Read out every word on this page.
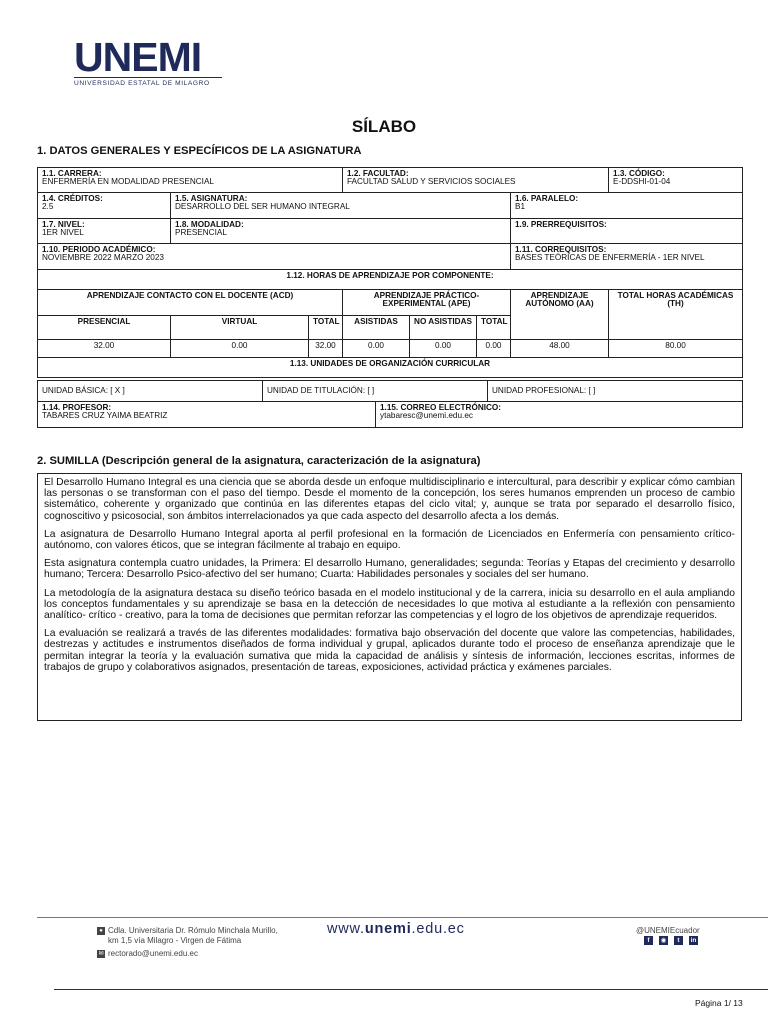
UNEMI
UNIVERSIDAD ESTATAL DE MILAGRO
SÍLABO
1. DATOS GENERALES Y ESPECÍFICOS DE LA ASIGNATURA
1.1. CARRERA:
ENFERMERÍA EN MODALIDAD PRESENCIAL			1.2. FACULTAD:
FACULTAD SALUD Y SERVICIOS SOCIALES				1.3. CÓDIGO:
E-DDSHI-01-04

1.4. CRÉDITOS:
2.5	1.5. ASIGNATURA:
DESARROLLO DEL SER HUMANO INTEGRAL					1.6. PARALELO:
B1	

1.7. NIVEL:
1ER NIVEL	1.8. MODALIDAD:
PRESENCIAL					1.9. PRERREQUISITOS:	

1.10. PERIODO ACADÉMICO:
NOVIEMBRE 2022 MARZO 2023						1.11. CORREQUISITOS:
BASES TEÓRICAS DE ENFERMERÍA - 1ER NIVEL	

1.12. HORAS DE APRENDIZAJE POR COMPONENTE:							
APRENDIZAJE CONTACTO CON EL DOCENTE (ACD)			APRENDIZAJE PRÁCTICO-EXPERIMENTAL (APE)			APRENDIZAJE AUTÓNOMO (AA)	TOTAL HORAS ACADÉMICAS (TH)
PRESENCIAL	VIRTUAL	TOTAL	ASISTIDAS	NO ASISTIDAS	TOTAL		
32.00	0.00	32.00	0.00	0.00	0.00	48.00	80.00
1.13. UNIDADES DE ORGANIZACIÓN CURRICULAR							
UNIDAD BÁSICA: [ X ]	UNIDAD DE TITULACIÓN: [ ]	UNIDAD PROFESIONAL: [ ]
1.14. PROFESOR:
TABARES CRUZ YAIMA BEATRIZ

1.15. CORREO ELECTRÓNICO:
ytabaresc@unemi.edu.ec
2. SUMILLA (Descripción general de la asignatura, caracterización de la asignatura)

El Desarrollo Humano Integral es una ciencia que se aborda desde un enfoque multidisciplinario e intercultural, para describir y explicar cómo cambian las personas o se transforman con el paso del tiempo. Desde el momento de la concepción, los seres humanos emprenden un proceso de cambio sistemático, coherente y organizado que continúa en las diferentes etapas del ciclo vital; y, aunque se trata por separado el desarrollo físico, cognoscitivo y psicosocial, son ámbitos interrelacionados ya que cada aspecto del desarrollo afecta a los demás.

La asignatura de Desarrollo Humano Integral aporta al perfil profesional en la formación de Licenciados en Enfermería con pensamiento crítico-autónomo, con valores éticos, que se integran fácilmente al trabajo en equipo.

Esta asignatura contempla cuatro unidades, la Primera: El desarrollo Humano, generalidades; segunda: Teorías y Etapas del crecimiento y desarrollo humano; Tercera: Desarrollo Psico-afectivo del ser humano; Cuarta: Habilidades personales y sociales del ser humano.

La metodología de la asignatura destaca su diseño teórico basada en el modelo institucional y de la carrera, inicia su desarrollo en el aula ampliando los conceptos fundamentales y su aprendizaje se basa en la detección de necesidades lo que motiva al estudiante a la reflexión con pensamiento analítico- crítico - creativo, para la toma de decisiones que permitan reforzar las competencias y el logro de los objetivos de aprendizaje requeridos.

La evaluación se realizará a través de las diferentes modalidades: formativa bajo observación del docente que valore las competencias, habilidades, destrezas y actitudes e instrumentos diseñados de forma individual y grupal, aplicados durante todo el proceso de enseñanza aprendizaje que le permitan integrar la teoría y la evaluación sumativa que mida la capacidad de análisis y síntesis de información, lecciones escritas, informes de trabajos de grupo y colaborativos asignados, presentación de tareas, exposiciones, actividad práctica y exámenes parciales.

● Cdla. Universitaria Dr. Rómulo Minchala Murillo,
km 1,5 vía Milagro - Virgen de Fátima
✉ rectorado@unemi.edu.ec
www.unemi.edu.ec	@UNEMIEcuador
f	◉	t	in
Página 1/ 13
